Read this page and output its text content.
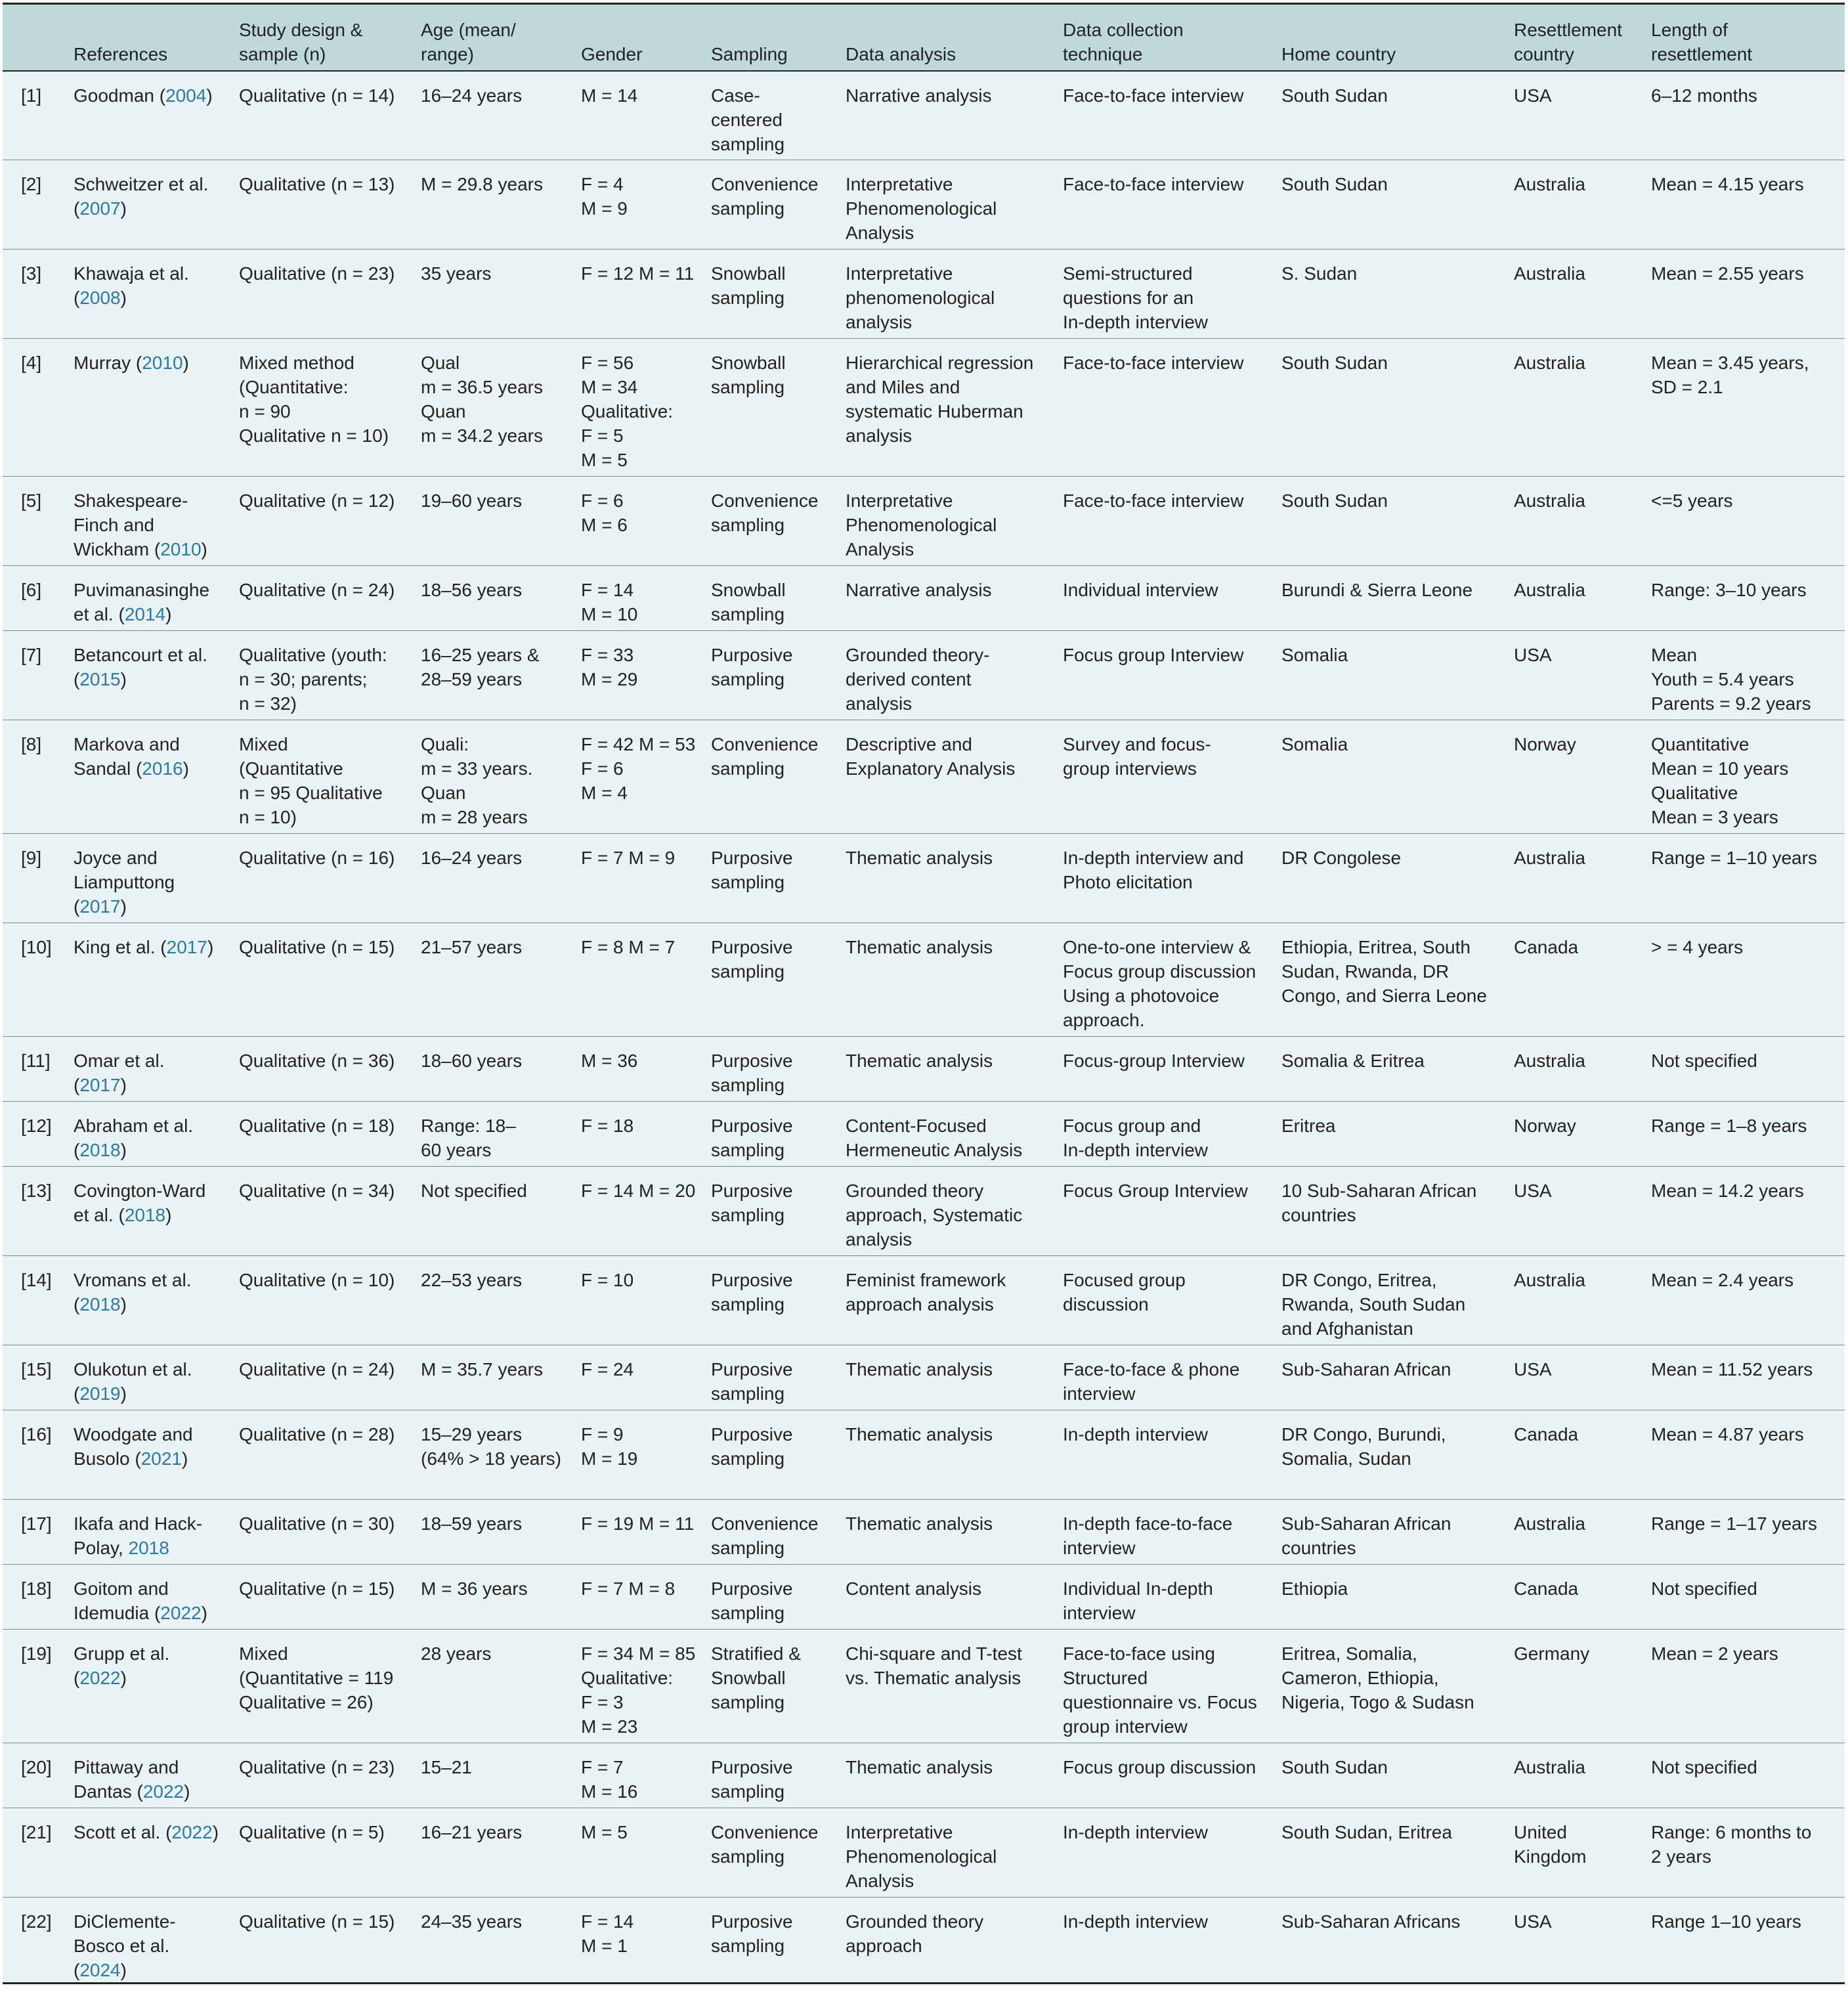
	References	Study design &
sample (n)	Age (mean/
range)	Gender	Sampling	Data analysis	Data collection
technique	Home country	Resettlement
country	Length of
resettlement

[1]	Goodman (2004)	Qualitative (n = 14)	16–24 years	M = 14	Case-
centered
sampling	Narrative analysis	Face-to-face interview	South Sudan	USA	6–12 months

[2]	Schweitzer et al.
(2007)	Qualitative (n = 13)	M = 29.8 years	F = 4
M = 9	Convenience
sampling	Interpretative
Phenomenological
Analysis	Face-to-face interview	South Sudan	Australia	Mean = 4.15 years

[3]	Khawaja et al.
(2008)	Qualitative (n = 23)	35 years	F = 12 M = 11	Snowball
sampling	Interpretative
phenomenological
analysis	Semi-structured
questions for an
In-depth interview	S. Sudan	Australia	Mean = 2.55 years

[4]	Murray (2010)	Mixed method
(Quantitative:
n = 90
Qualitative n = 10)	Qual
m = 36.5 years
Quan
m = 34.2 years	F = 56
M = 34
Qualitative:
F = 5
M = 5	Snowball
sampling	Hierarchical regression
and Miles and
systematic Huberman
analysis	Face-to-face interview	South Sudan	Australia	Mean = 3.45 years,
SD = 2.1

[5]	Shakespeare-
Finch and
Wickham (2010)	Qualitative (n = 12)	19–60 years	F = 6
M = 6	Convenience
sampling	Interpretative
Phenomenological
Analysis	Face-to-face interview	South Sudan	Australia	<=5 years

[6]	Puvimanasinghe
et al. (2014)	Qualitative (n = 24)	18–56 years	F = 14
M = 10	Snowball
sampling	Narrative analysis	Individual interview	Burundi & Sierra Leone	Australia	Range: 3–10 years

[7]	Betancourt et al.
(2015)	Qualitative (youth:
n = 30; parents;
n = 32)	16–25 years &
28–59 years	F = 33
M = 29	Purposive
sampling	Grounded theory-
derived content
analysis	Focus group Interview	Somalia	USA	Mean
Youth = 5.4 years
Parents = 9.2 years

[8]	Markova and
Sandal (2016)	Mixed
(Quantitative
n = 95 Qualitative
n = 10)	Quali:
m = 33 years.
Quan
m = 28 years	F = 42 M = 53
F = 6
M = 4	Convenience
sampling	Descriptive and
Explanatory Analysis	Survey and focus-
group interviews	Somalia	Norway	Quantitative
Mean = 10 years
Qualitative
Mean = 3 years

[9]	Joyce and
Liamputtong
(2017)	Qualitative (n = 16)	16–24 years	F = 7 M = 9	Purposive
sampling	Thematic analysis	In-depth interview and
Photo elicitation	DR Congolese	Australia	Range = 1–10 years

[10]	King et al. (2017)	Qualitative (n = 15)	21–57 years	F = 8 M = 7	Purposive
sampling	Thematic analysis	One-to-one interview &
Focus group discussion
Using a photovoice
approach.	Ethiopia, Eritrea, South
Sudan, Rwanda, DR
Congo, and Sierra Leone	Canada	> = 4 years

[11]	Omar et al.
(2017)	Qualitative (n = 36)	18–60 years	M = 36	Purposive
sampling	Thematic analysis	Focus-group Interview	Somalia & Eritrea	Australia	Not specified

[12]	Abraham et al.
(2018)	Qualitative (n = 18)	Range: 18–
60 years	F = 18	Purposive
sampling	Content-Focused
Hermeneutic Analysis	Focus group and
In-depth interview	Eritrea	Norway	Range = 1–8 years

[13]	Covington-Ward
et al. (2018)	Qualitative (n = 34)	Not specified	F = 14 M = 20	Purposive
sampling	Grounded theory
approach, Systematic
analysis	Focus Group Interview	10 Sub-Saharan African
countries	USA	Mean = 14.2 years

[14]	Vromans et al.
(2018)	Qualitative (n = 10)	22–53 years	F = 10	Purposive
sampling	Feminist framework
approach analysis	Focused group
discussion	DR Congo, Eritrea,
Rwanda, South Sudan
and Afghanistan	Australia	Mean = 2.4 years

[15]	Olukotun et al.
(2019)	Qualitative (n = 24)	M = 35.7 years	F = 24	Purposive
sampling	Thematic analysis	Face-to-face & phone
interview	Sub-Saharan African	USA	Mean = 11.52 years

[16]	Woodgate and
Busolo (2021)	Qualitative (n = 28)	15–29 years
(64% > 18 years)	F = 9
M = 19	Purposive
sampling	Thematic analysis	In-depth interview	DR Congo, Burundi,
Somalia, Sudan	Canada	Mean = 4.87 years

[17]	Ikafa and Hack-
Polay, 2018	Qualitative (n = 30)	18–59 years	F = 19 M = 11	Convenience
sampling	Thematic analysis	In-depth face-to-face
interview	Sub-Saharan African
countries	Australia	Range = 1–17 years

[18]	Goitom and
Idemudia (2022)	Qualitative (n = 15)	M = 36 years	F = 7 M = 8	Purposive
sampling	Content analysis	Individual In-depth
interview	Ethiopia	Canada	Not specified

[19]	Grupp et al.
(2022)	Mixed
(Quantitative = 119
Qualitative = 26)	28 years	F = 34 M = 85
Qualitative:
F = 3
M = 23	Stratified &
Snowball
sampling	Chi-square and T-test
vs. Thematic analysis	Face-to-face using
Structured
questionnaire vs. Focus
group interview	Eritrea, Somalia,
Cameron, Ethiopia,
Nigeria, Togo & Sudasn	Germany	Mean = 2 years

[20]	Pittaway and
Dantas (2022)	Qualitative (n = 23)	15–21	F = 7
M = 16	Purposive
sampling	Thematic analysis	Focus group discussion	South Sudan	Australia	Not specified

[21]	Scott et al. (2022)	Qualitative (n = 5)	16–21 years	M = 5	Convenience
sampling	Interpretative
Phenomenological
Analysis	In-depth interview	South Sudan, Eritrea	United
Kingdom	Range: 6 months to
2 years

[22]	DiClemente-
Bosco et al.
(2024)	Qualitative (n = 15)	24–35 years	F = 14
M = 1	Purposive
sampling	Grounded theory
approach	In-depth interview	Sub-Saharan Africans	USA	Range 1–10 years
